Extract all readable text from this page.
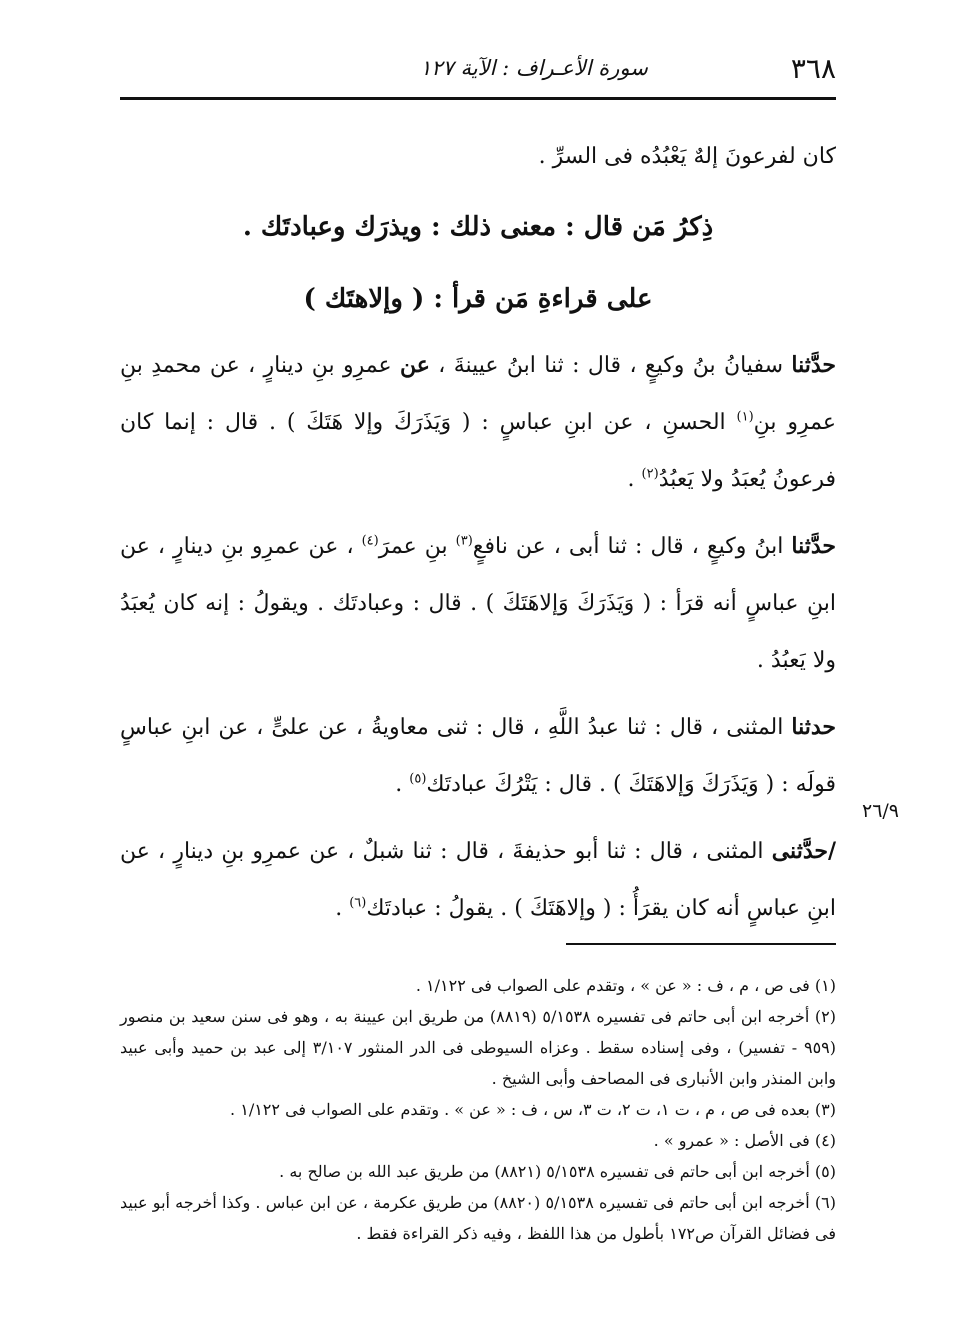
٣٦٨
سورة الأعـراف : الآية ١٢٧

كان لفرعونَ إلهٌ يَعْبُدُه فى السرِّ .

ذِكرُ مَن قال : معنى ذلك : ويذرَك وعبادتَك .

على قراءةِ مَن قرأ : ( وإلاهتَك )

حدَّثنا سفيانُ بنُ وكيعٍ ، قال : ثنا ابنُ عيينةَ ، عن عمرِو بنِ دينارٍ ، عن محمدِ بنِ عمرِو بنِ$^{(١)}$ الحسنِ ، عن ابنِ عباسٍ : ( وَيَذَرَكَ وإلا هَتَكَ ) . قال : إنما كان فرعونُ يُعبَدُ ولا يَعبُدُ$^{(٢)}$ .

حدَّثنا ابنُ وكيعٍ ، قال : ثنا أبى ، عن نافعٍ$^{(٣)}$ بنِ عمرَ$^{(٤)}$ ، عن عمرِو بنِ دينارٍ ، عن ابنِ عباسٍ أنه قرَأ : ( وَيَذَرَكَ وَإلاهَتَكَ ) . قال : وعبادتَك . ويقولُ : إنه كان يُعبَدُ ولا يَعبُدُ .

حدثنا المثنى ، قال : ثنا عبدُ اللَّهِ ، قال : ثنى معاويةُ ، عن علىٍّ ، عن ابنِ عباسٍ قولَه : ( وَيَذَرَكَ وَإلاهَتَكَ ) . قال : يَتْرُكَ عبادتَك$^{(٥)}$ .

/حدَّثنى المثنى ، قال : ثنا أبو حذيفةَ ، قال : ثنا شبلٌ ، عن عمرِو بنِ دينارٍ ، عن ابنِ عباسٍ أنه كان يقرَأُ : ( وإلاهَتَكَ ) . يقولُ : عبادتَك$^{(٦)}$ .

٢٦/٩

(١) فى ص ، م ، ف : « عن » ، وتقدم على الصواب فى ١/١٢٢ .

(٢) أخرجه ابن أبى حاتم فى تفسيره ٥/١٥٣٨ (٨٨١٩) من طريق ابن عيينة به ، وهو فى سنن سعيد بن منصور (٩٥٩ - تفسير) ، وفى إسناده سقط . وعزاه السيوطى فى الدر المنثور ٣/١٠٧ إلى عبد بن حميد وأبى عبيد وابن المنذر وابن الأنبارى فى المصاحف وأبى الشيخ .

(٣) بعده فى ص ، م ، ت ١، ت ٢، ت ٣، س ، ف : « عن » . وتقدم على الصواب فى ١/١٢٢ .

(٤) فى الأصل : « عمرو » .

(٥) أخرجه ابن أبى حاتم فى تفسيره ٥/١٥٣٨ (٨٨٢١) من طريق عبد الله بن صالح به .

(٦) أخرجه ابن أبى حاتم فى تفسيره ٥/١٥٣٨ (٨٨٢٠) من طريق عكرمة ، عن ابن عباس . وكذا أخرجه أبو عبيد فى فضائل القرآن ص١٧٢ بأطول من هذا اللفظ ، وفيه ذكر القراءة فقط .
